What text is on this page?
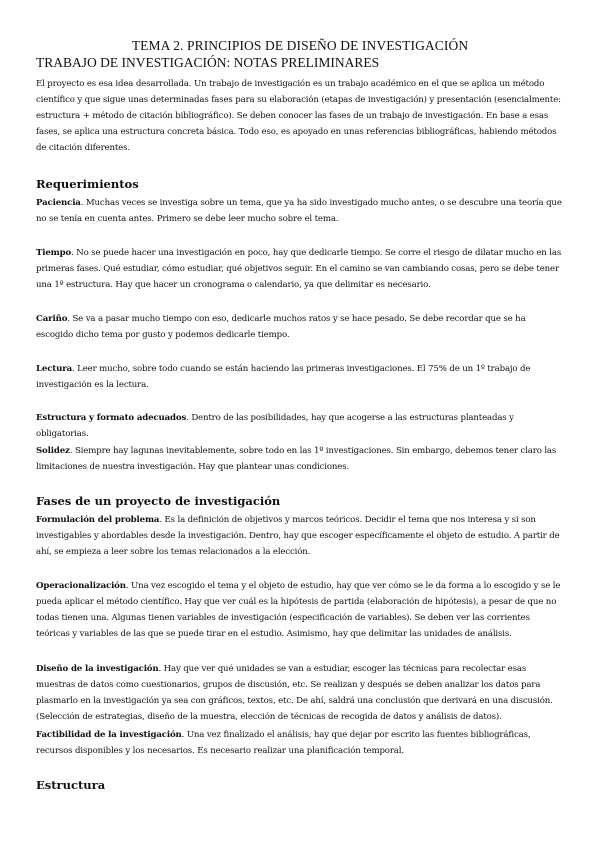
TEMA 2. PRINCIPIOS DE DISEÑO DE INVESTIGACIÓN
TRABAJO DE INVESTIGACIÓN: NOTAS PRELIMINARES
El proyecto es esa idea desarrollada. Un trabajo de investigación es un trabajo académico en el que se aplica un método científico y que sigue unas determinadas fases para su elaboración (etapas de investigación) y presentación (esencialmente: estructura + método de citación bibliográfico). Se deben conocer las fases de un trabajo de investigación. En base a esas fases, se aplica una estructura concreta básica. Todo eso, es apoyado en unas referencias bibliográficas, habiendo métodos de citación diferentes.
Requerimientos
Paciencia. Muchas veces se investiga sobre un tema, que ya ha sido investigado mucho antes, o se descubre una teoría que no se tenía en cuenta antes. Primero se debe leer mucho sobre el tema.
Tiempo. No se puede hacer una investigación en poco, hay que dedicarle tiempo. Se corre el riesgo de dilatar mucho en las primeras fases. Qué estudiar, cómo estudiar, qué objetivos seguir. En el camino se van cambiando cosas, pero se debe tener una 1º estructura. Hay que hacer un cronograma o calendario, ya que delimitar es necesario.
Cariño. Se va a pasar mucho tiempo con eso, dedicarle muchos ratos y se hace pesado. Se debe recordar que se ha escogido dicho tema por gusto y podemos dedicarle tiempo.
Lectura. Leer mucho, sobre todo cuando se están haciendo las primeras investigaciones. El 75% de un 1º trabajo de investigación es la lectura.
Estructura y formato adecuados. Dentro de las posibilidades, hay que acogerse a las estructuras planteadas y obligatorias.
Solidez. Siempre hay lagunas inevitablemente, sobre todo en las 1º investigaciones. Sin embargo, debemos tener claro las limitaciones de nuestra investigación. Hay que plantear unas condiciones.
Fases de un proyecto de investigación
Formulación del problema. Es la definición de objetivos y marcos teóricos. Decidir el tema que nos interesa y si son investigables y abordables desde la investigación. Dentro, hay que escoger específicamente el objeto de estudio. A partir de ahí, se empieza a leer sobre los temas relacionados a la elección.
Operacionalización. Una vez escogido el tema y el objeto de estudio, hay que ver cómo se le da forma a lo escogido y se le pueda aplicar el método científico. Hay que ver cuál es la hipótesis de partida (elaboración de hipótesis), a pesar de que no todas tienen una. Algunas tienen variables de investigación (especificación de variables). Se deben ver las corrientes teóricas y variables de las que se puede tirar en el estudio. Asimismo, hay que delimitar las unidades de análisis.
Diseño de la investigación. Hay que ver qué unidades se van a estudiar, escoger las técnicas para recolectar esas muestras de datos como cuestionarios, grupos de discusión, etc. Se realizan y después se deben analizar los datos para plasmarlo en la investigación ya sea con gráficos, textos, etc. De ahí, saldrá una conclusión que derivará en una discusión. (Selección de estrategias, diseño de la muestra, elección de técnicas de recogida de datos y análisis de datos).
Factibilidad de la investigación. Una vez finalizado el análisis, hay que dejar por escrito las fuentes bibliográficas, recursos disponibles y los necesarios. Es necesario realizar una planificación temporal.
Estructura
